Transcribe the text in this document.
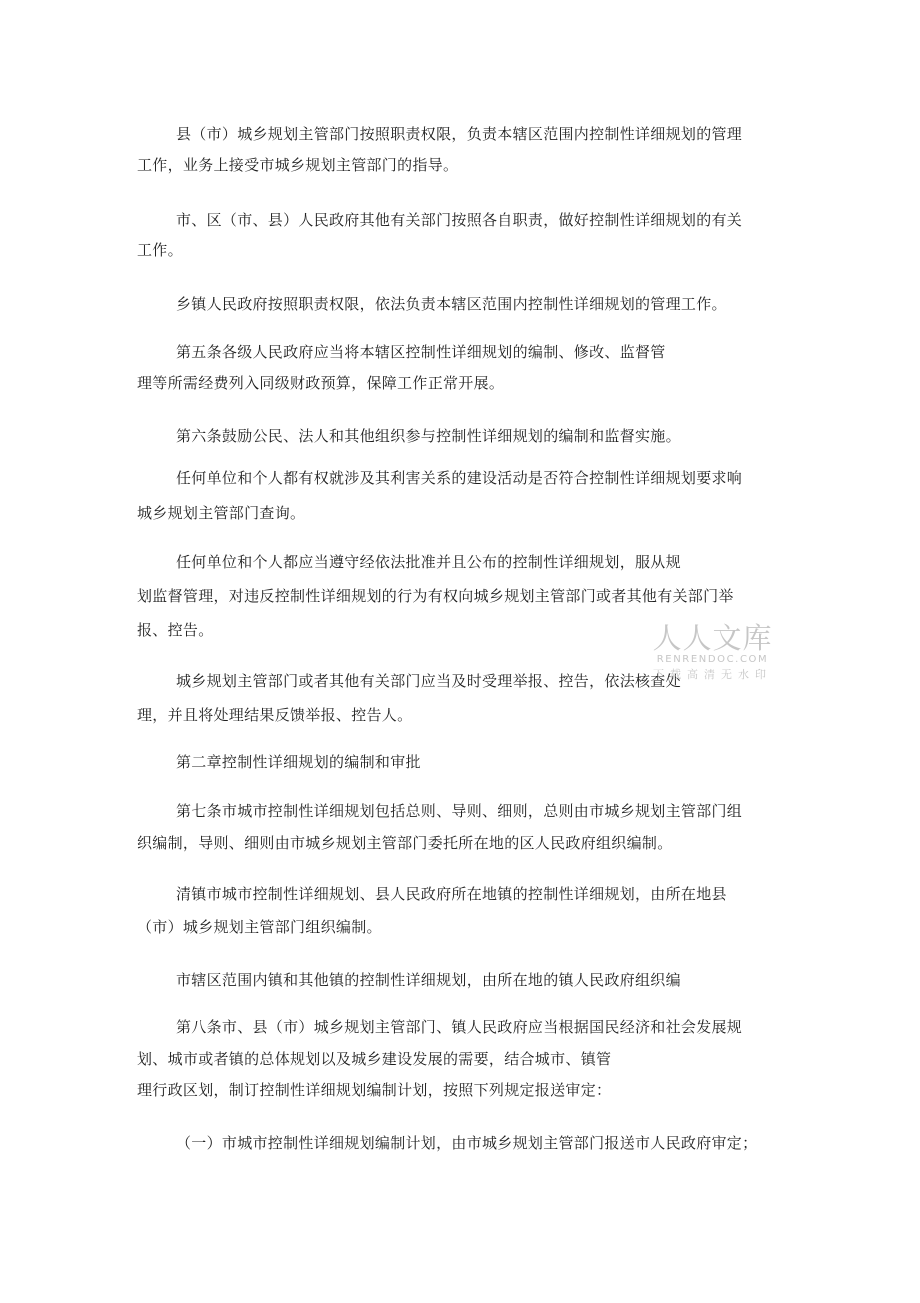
县（市）城乡规划主管部门按照职责权限，负责本辖区范围内控制性详细规划的管理
工作，业务上接受市城乡规划主管部门的指导。
市、区（市、县）人民政府其他有关部门按照各自职责，做好控制性详细规划的有关
工作。
乡镇人民政府按照职责权限，依法负责本辖区范围内控制性详细规划的管理工作。
第五条各级人民政府应当将本辖区控制性详细规划的编制、修改、监督管
理等所需经费列入同级财政预算，保障工作正常开展。
第六条鼓励公民、法人和其他组织参与控制性详细规划的编制和监督实施。
任何单位和个人都有权就涉及其利害关系的建设活动是否符合控制性详细规划要求响
城乡规划主管部门查询。
任何单位和个人都应当遵守经依法批准并且公布的控制性详细规划，服从规
划监督管理，对违反控制性详细规划的行为有权向城乡规划主管部门或者其他有关部门举
报、控告。
城乡规划主管部门或者其他有关部门应当及时受理举报、控告，依法核查处
理，并且将处理结果反馈举报、控告人。
第二章控制性详细规划的编制和审批
第七条市城市控制性详细规划包括总则、导则、细则，总则由市城乡规划主管部门组
织编制，导则、细则由市城乡规划主管部门委托所在地的区人民政府组织编制。
清镇市城市控制性详细规划、县人民政府所在地镇的控制性详细规划，由所在地县
（市）城乡规划主管部门组织编制。
市辖区范围内镇和其他镇的控制性详细规划，由所在地的镇人民政府组织编
第八条市、县（市）城乡规划主管部门、镇人民政府应当根据国民经济和社会发展规
划、城市或者镇的总体规划以及城乡建设发展的需要，结合城市、镇管
理行政区划，制订控制性详细规划编制计划，按照下列规定报送审定：
（一）市城市控制性详细规划编制计划，由市城乡规划主管部门报送市人民政府审定；
人人文库
RENRENDOC.COM
下载高清无水印
